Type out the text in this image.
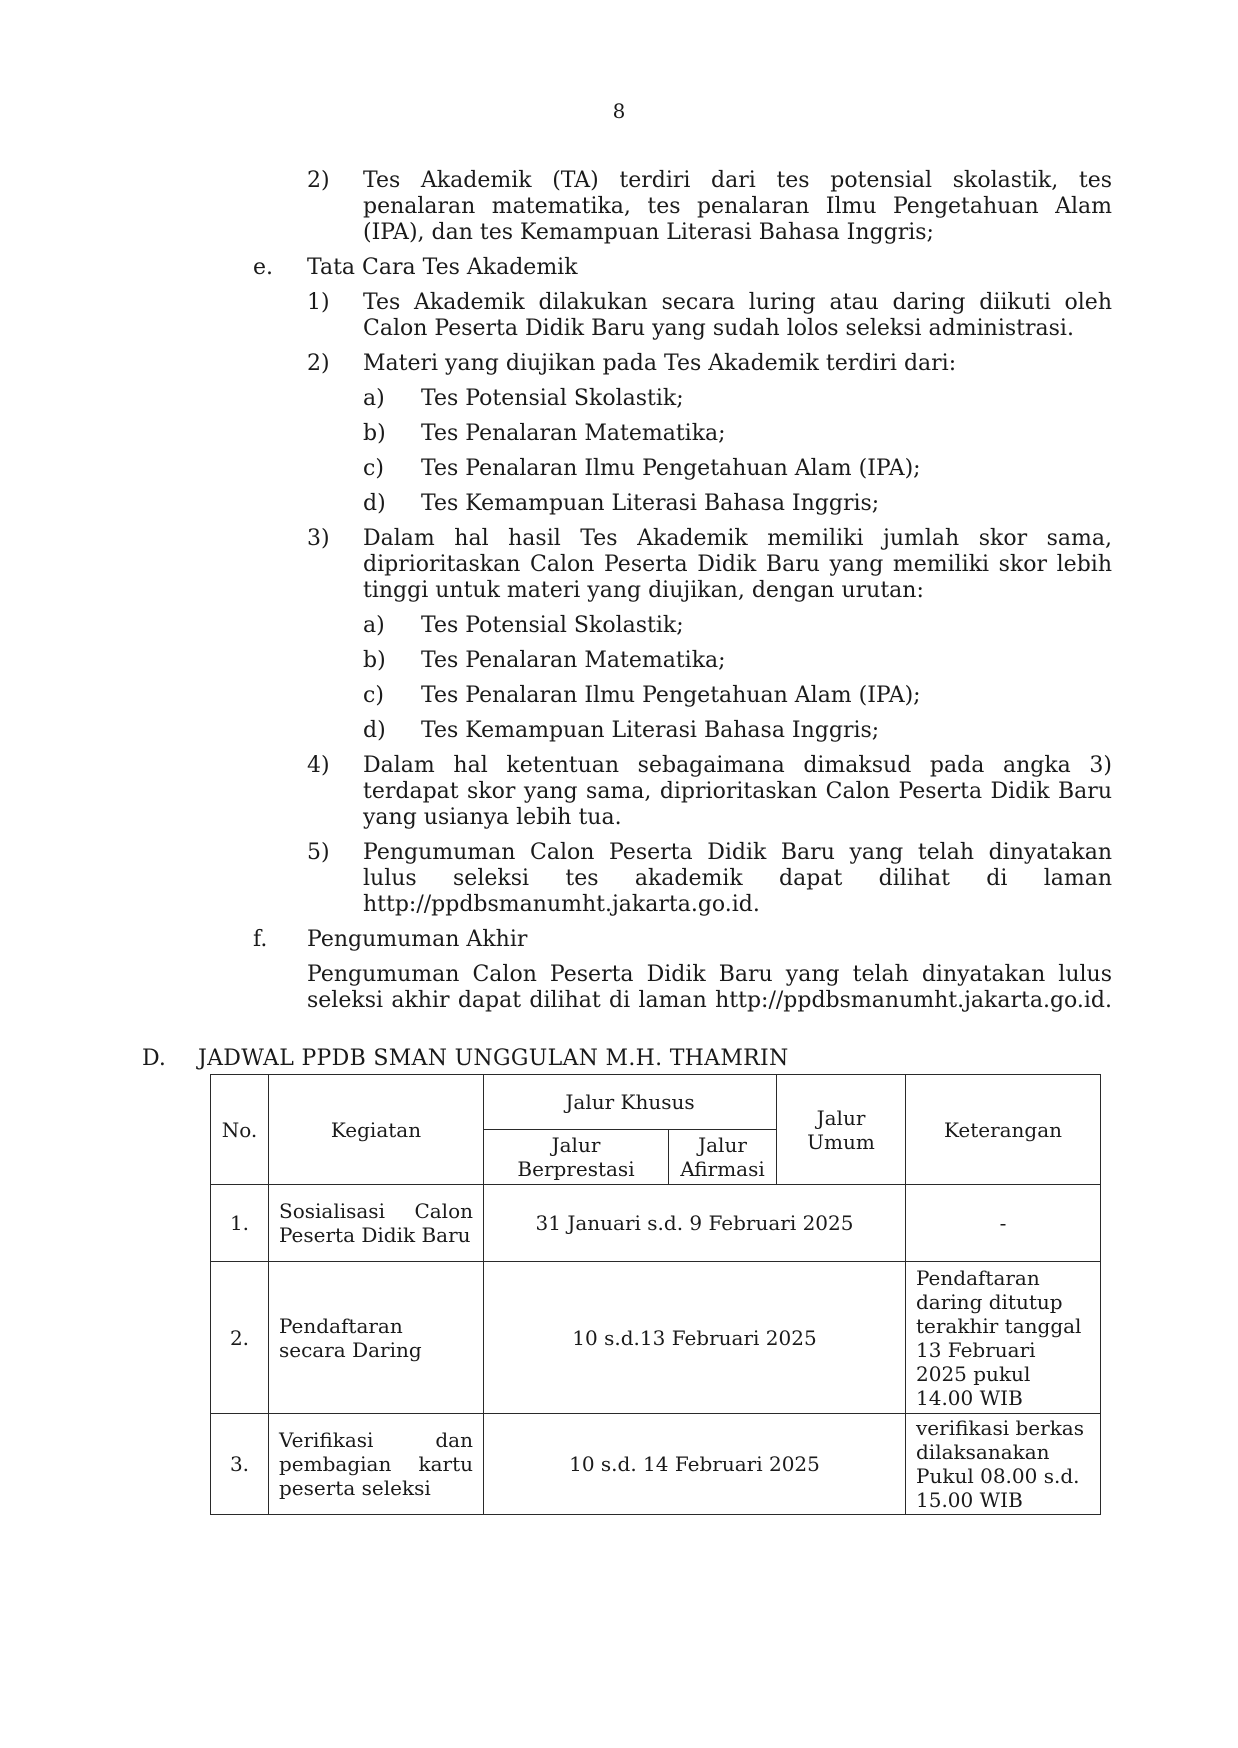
8
2) Tes Akademik (TA) terdiri dari tes potensial skolastik, tes
penalaran matematika, tes penalaran Ilmu Pengetahuan Alam
(IPA), dan tes Kemampuan Literasi Bahasa Inggris;
e. Tata Cara Tes Akademik
1) Tes Akademik dilakukan secara luring atau daring diikuti oleh
Calon Peserta Didik Baru yang sudah lolos seleksi administrasi.
2) Materi yang diujikan pada Tes Akademik terdiri dari:
a) Tes Potensial Skolastik;
b) Tes Penalaran Matematika;
c) Tes Penalaran Ilmu Pengetahuan Alam (IPA);
d) Tes Kemampuan Literasi Bahasa Inggris;
3) Dalam hal hasil Tes Akademik memiliki jumlah skor sama,
diprioritaskan Calon Peserta Didik Baru yang memiliki skor lebih
tinggi untuk materi yang diujikan, dengan urutan:
a) Tes Potensial Skolastik;
b) Tes Penalaran Matematika;
c) Tes Penalaran Ilmu Pengetahuan Alam (IPA);
d) Tes Kemampuan Literasi Bahasa Inggris;
4) Dalam hal ketentuan sebagaimana dimaksud pada angka 3)
terdapat skor yang sama, diprioritaskan Calon Peserta Didik Baru
yang usianya lebih tua.
5) Pengumuman Calon Peserta Didik Baru yang telah dinyatakan
lulus seleksi tes akademik dapat dilihat di laman
http://ppdbsmanumht.jakarta.go.id.
f. Pengumuman Akhir
Pengumuman Calon Peserta Didik Baru yang telah dinyatakan lulus
seleksi akhir dapat dilihat di laman http://ppdbsmanumht.jakarta.go.id.
D. JADWAL PPDB SMAN UNGGULAN M.H. THAMRIN
No.	Kegiatan	Jalur Khusus		Jalur Umum	Keterangan
		Jalur Berprestasi	Jalur Afirmasi		
1.	Sosialisasi Calon Peserta Didik Baru	31 Januari s.d. 9 Februari 2025			-
2.	Pendaftaran secara Daring	10 s.d.13 Februari 2025			Pendaftaran daring ditutup terakhir tanggal 13 Februari 2025 pukul 14.00 WIB
3.	Verifikasi dan pembagian kartu peserta seleksi	10 s.d. 14 Februari 2025			verifikasi berkas dilaksanakan Pukul 08.00 s.d. 15.00 WIB
